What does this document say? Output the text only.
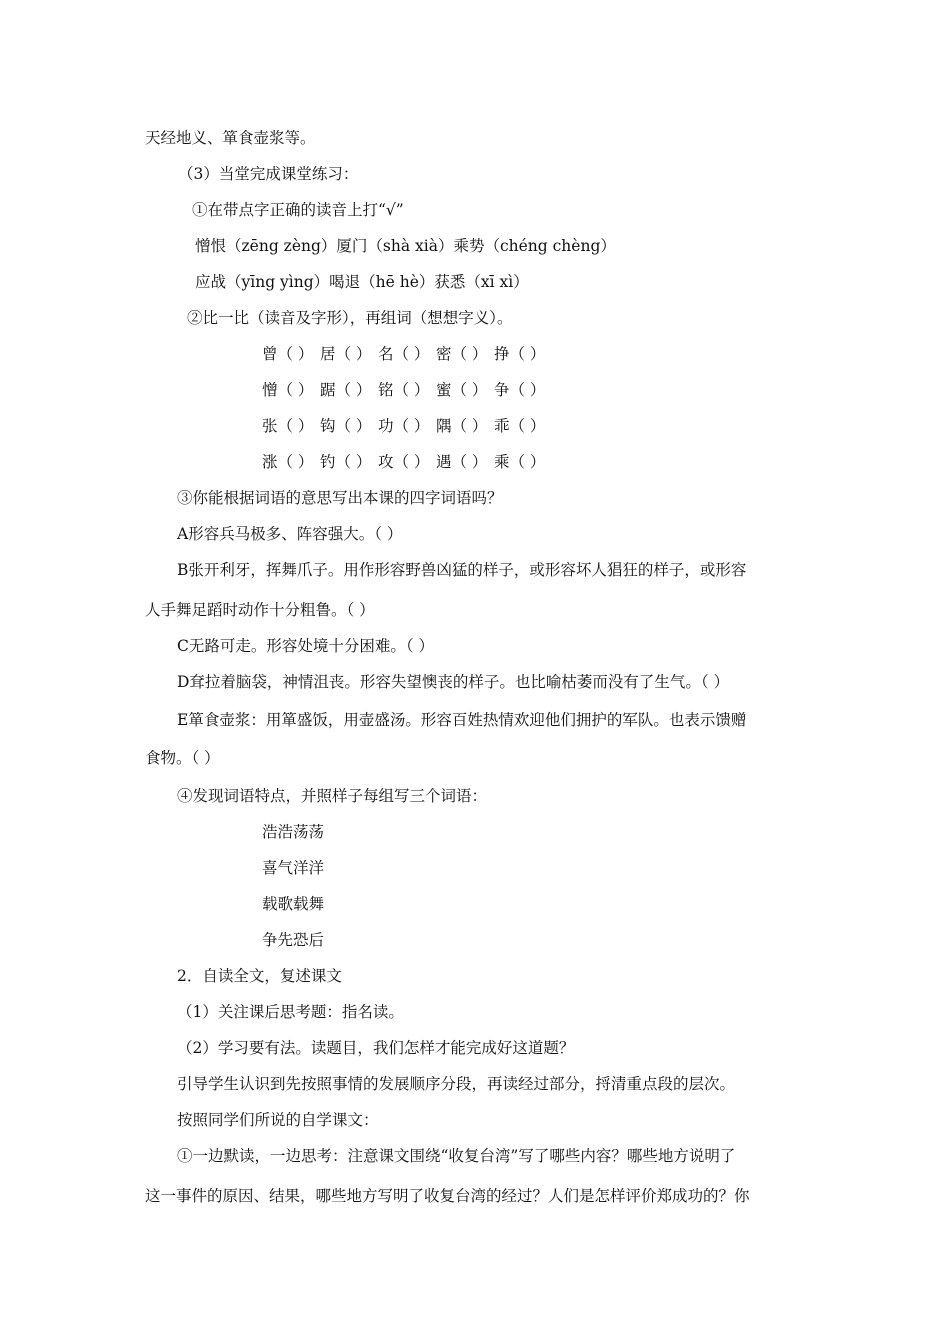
天经地义、箪食壶浆等。
（3）当堂完成课堂练习：
①在带点字正确的读音上打“√”
憎恨（zēng zèng）厦门（shà xià）乘势（chéng chèng）
应战（yīng yìng）喝退（hē hè）获悉（xī xì）
②比一比（读音及字形），再组词（想想字义）。
曾（ ） 居（ ） 名（ ） 密（ ） 挣（ ）
憎（ ） 踞（ ） 铭（ ） 蜜（ ） 争（ ）
张（ ） 钩（ ） 功（ ） 隅（ ） 乖（ ）
涨（ ） 钓（ ） 攻（ ） 遇（ ） 乘（ ）
③你能根据词语的意思写出本课的四字词语吗？
A形容兵马极多、阵容强大。（ ）
B张开利牙，挥舞爪子。用作形容野兽凶猛的样子，或形容坏人猖狂的样子，或形容
人手舞足蹈时动作十分粗鲁。（ ）
C无路可走。形容处境十分困难。（ ）
D耷拉着脑袋，神情沮丧。形容失望懊丧的样子。也比喻枯萎而没有了生气。（ ）
E箪食壶浆：用箪盛饭，用壶盛汤。形容百姓热情欢迎他们拥护的军队。也表示馈赠
食物。（ ）
④发现词语特点，并照样子每组写三个词语：
浩浩荡荡
喜气洋洋
载歌载舞
争先恐后
2．自读全文，复述课文
（1）关注课后思考题：指名读。
（2）学习要有法。读题目，我们怎样才能完成好这道题？
引导学生认识到先按照事情的发展顺序分段，再读经过部分，捋清重点段的层次。
按照同学们所说的自学课文：
①一边默读，一边思考：注意课文围绕“收复台湾”写了哪些内容？哪些地方说明了
这一事件的原因、结果，哪些地方写明了收复台湾的经过？人们是怎样评价郑成功的？你
